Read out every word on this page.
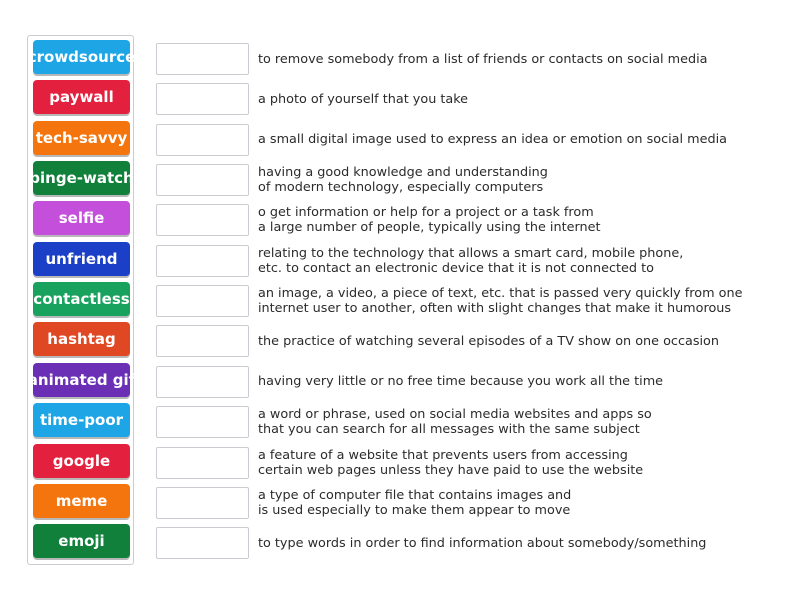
crowdsource
paywall
tech-savvy
binge-watch
selfie
unfriend
contactless
hashtag
animated gif
time-poor
google
meme
emoji
to remove somebody from a list of friends or contacts on social media
a photo of yourself that you take
a small digital image used to express an idea or emotion on social media
having a good knowledge and understanding
of modern technology, especially computers
o get information or help for a project or a task from
a large number of people, typically using the internet
relating to the technology that allows a smart card, mobile phone,
etc. to contact an electronic device that it is not connected to
an image, a video, a piece of text, etc. that is passed very quickly from one
internet user to another, often with slight changes that make it humorous
the practice of watching several episodes of a TV show on one occasion
having very little or no free time because you work all the time
a word or phrase, used on social media websites and apps so
that you can search for all messages with the same subject
a feature of a website that prevents users from accessing
certain web pages unless they have paid to use the website
a type of computer file that contains images and
is used especially to make them appear to move
to type words in order to find information about somebody/something
